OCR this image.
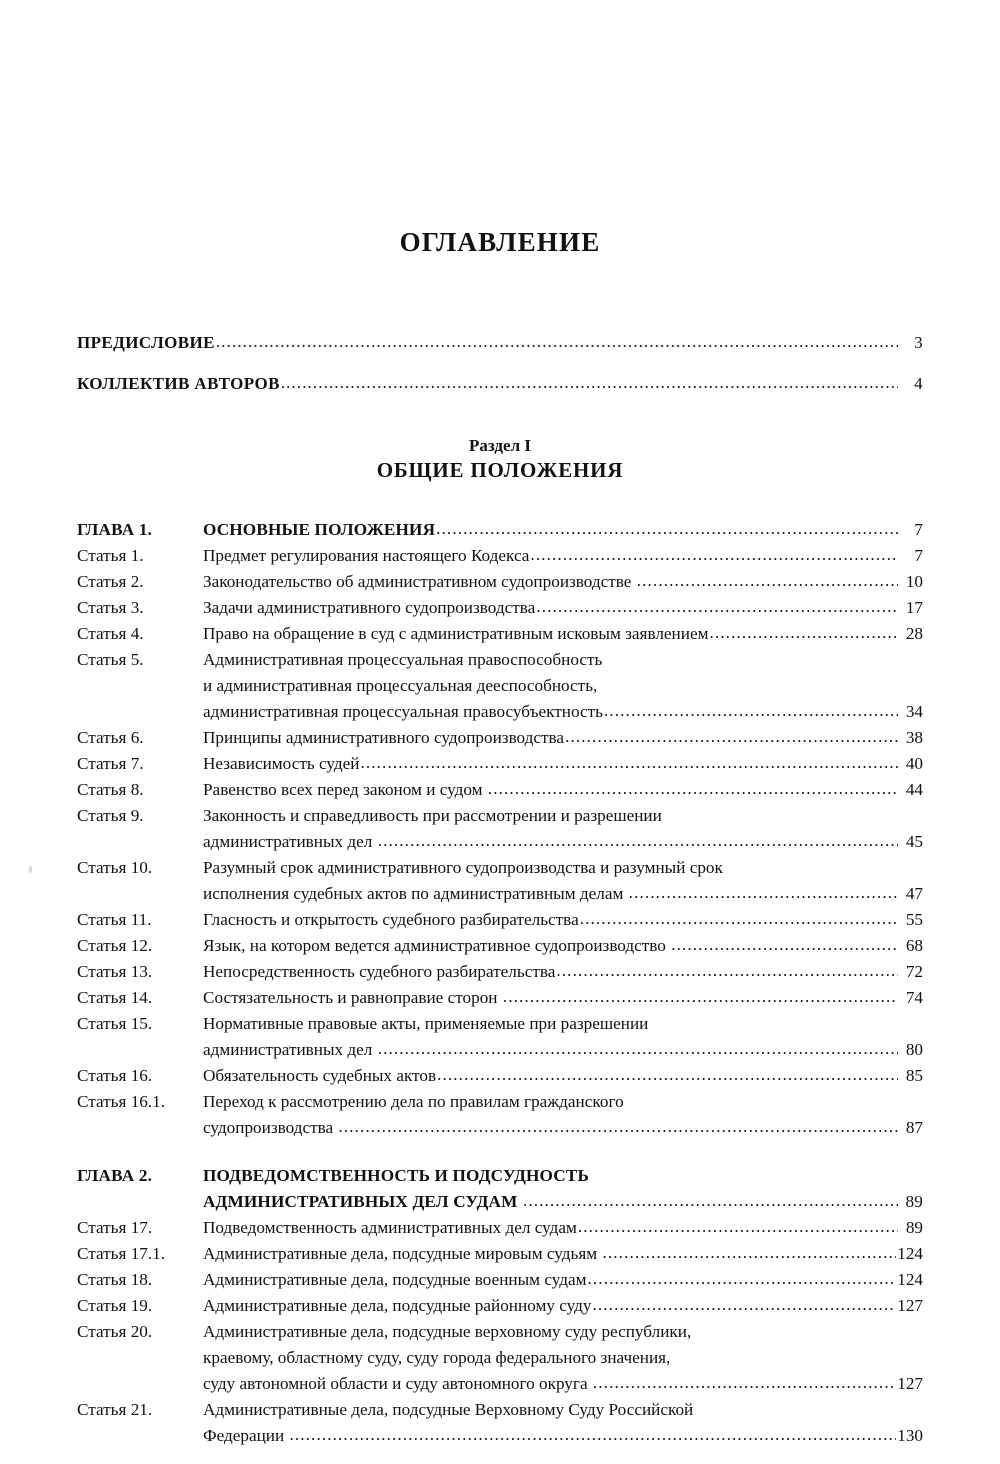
ОГЛАВЛЕНИЕ
ПРЕДИСЛОВИЕ .....	3
КОЛЛЕКТИВ АВТОРОВ .....	4
Раздел I
ОБЩИЕ ПОЛОЖЕНИЯ
ГЛАВА 1.	ОСНОВНЫЕ ПОЛОЖЕНИЯ .....	7
Статья 1.	Предмет регулирования настоящего Кодекса .....	7
Статья 2.	Законодательство об административном судопроизводстве .....	10
Статья 3.	Задачи административного судопроизводства .....	17
Статья 4.	Право на обращение в суд с административным исковым заявлением .....	28
Статья 5.	Административная процессуальная правоспособность
и административная процессуальная дееспособность,
административная процессуальная правосубъектность .....	34
Статья 6.	Принципы административного судопроизводства .....	38
Статья 7.	Независимость судей .....	40
Статья 8.	Равенство всех перед законом и судом .....	44
Статья 9.	Законность и справедливость при рассмотрении и разрешении
административных дел .....	45
Статья 10.	Разумный срок административного судопроизводства и разумный срок
исполнения судебных актов по административным делам .....	47
Статья 11.	Гласность и открытость судебного разбирательства .....	55
Статья 12.	Язык, на котором ведется административное судопроизводство .....	68
Статья 13.	Непосредственность судебного разбирательства .....	72
Статья 14.	Состязательность и равноправие сторон .....	74
Статья 15.	Нормативные правовые акты, применяемые при разрешении
административных дел .....	80
Статья 16.	Обязательность судебных актов .....	85
Статья 16.1.	Переход к рассмотрению дела по правилам гражданского
судопроизводства .....	87
ГЛАВА 2.	ПОДВЕДОМСТВЕННОСТЬ И ПОДСУДНОСТЬ
АДМИНИСТРАТИВНЫХ ДЕЛ СУДАМ .....	89
Статья 17.	Подведомственность административных дел судам .....	89
Статья 17.1.	Административные дела, подсудные мировым судьям .....	124
Статья 18.	Административные дела, подсудные военным судам .....	124
Статья 19.	Административные дела, подсудные районному суду .....	127
Статья 20.	Административные дела, подсудные верховному суду республики,
краевому, областному суду, суду города федерального значения,
суду автономной области и суду автономного округа .....	127
Статья 21.	Административные дела, подсудные Верховному Суду Российской
Федерации .....	130
